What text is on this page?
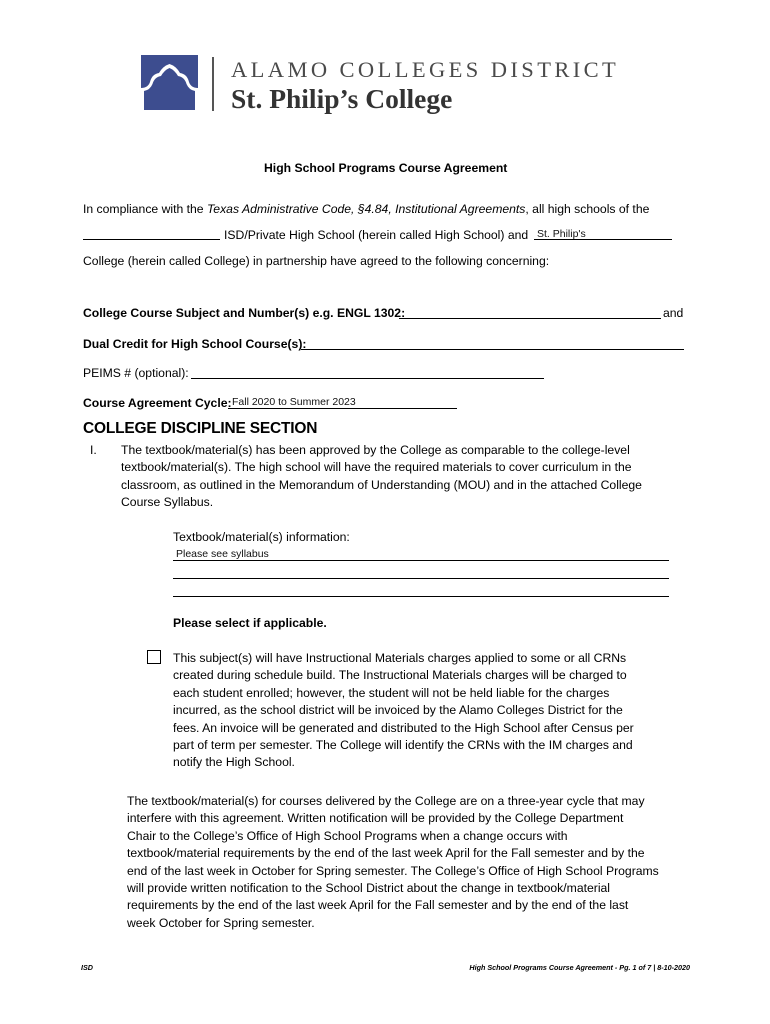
ALAMO COLLEGES DISTRICT
St. Philip’s College
High School Programs Course Agreement
In compliance with the Texas Administrative Code, §4.84, Institutional Agreements, all high schools of the
ISD/Private High School (herein called High School) and St. Philip's
College (herein called College) in partnership have agreed to the following concerning:
College Course Subject and Number(s) e.g. ENGL 1302:	and
Dual Credit for High School Course(s):
PEIMS # (optional):
Course Agreement Cycle: Fall 2020 to Summer 2023
COLLEGE DISCIPLINE SECTION
I. The textbook/material(s) has been approved by the College as comparable to the college-level
textbook/material(s). The high school will have the required materials to cover curriculum in the
classroom, as outlined in the Memorandum of Understanding (MOU) and in the attached College
Course Syllabus.
Textbook/material(s) information:
Please see syllabus
Please select if applicable.
This subject(s) will have Instructional Materials charges applied to some or all CRNs
created during schedule build. The Instructional Materials charges will be charged to
each student enrolled; however, the student will not be held liable for the charges
incurred, as the school district will be invoiced by the Alamo Colleges District for the
fees. An invoice will be generated and distributed to the High School after Census per
part of term per semester. The College will identify the CRNs with the IM charges and
notify the High School.
The textbook/material(s) for courses delivered by the College are on a three-year cycle that may
interfere with this agreement. Written notification will be provided by the College Department
Chair to the College’s Office of High School Programs when a change occurs with
textbook/material requirements by the end of the last week April for the Fall semester and by the
end of the last week in October for Spring semester. The College’s Office of High School Programs
will provide written notification to the School District about the change in textbook/material
requirements by the end of the last week April for the Fall semester and by the end of the last
week October for Spring semester.
ISD	High School Programs Course Agreement - Pg. 1 of 7 | 8-10-2020
